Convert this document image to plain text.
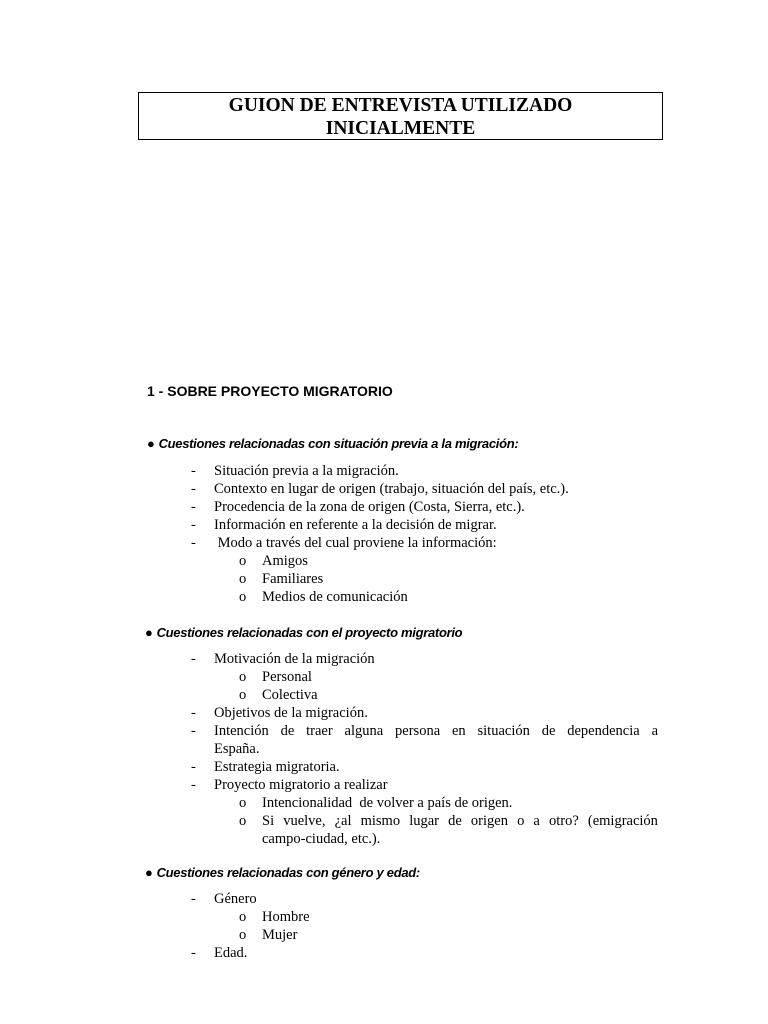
GUION DE ENTREVISTA UTILIZADO
INICIALMENTE
1 - SOBRE PROYECTO MIGRATORIO
● Cuestiones relacionadas con situación previa a la migración:
- Situación previa a la migración.
- Contexto en lugar de origen (trabajo, situación del país, etc.).
- Procedencia de la zona de origen (Costa, Sierra, etc.).
- Información en referente a la decisión de migrar.
- Modo a través del cual proviene la información:
o Amigos
o Familiares
o Medios de comunicación
● Cuestiones relacionadas con el proyecto migratorio
- Motivación de la migración
o Personal
o Colectiva
- Objetivos de la migración.
- Intención de traer alguna persona en situación de dependencia a
España.
- Estrategia migratoria.
- Proyecto migratorio a realizar
o Intencionalidad  de volver a país de origen.
o Si vuelve, ¿al mismo lugar de origen o a otro? (emigración
campo-ciudad, etc.).
● Cuestiones relacionadas con género y edad:
- Género
o Hombre
o Mujer
- Edad.
